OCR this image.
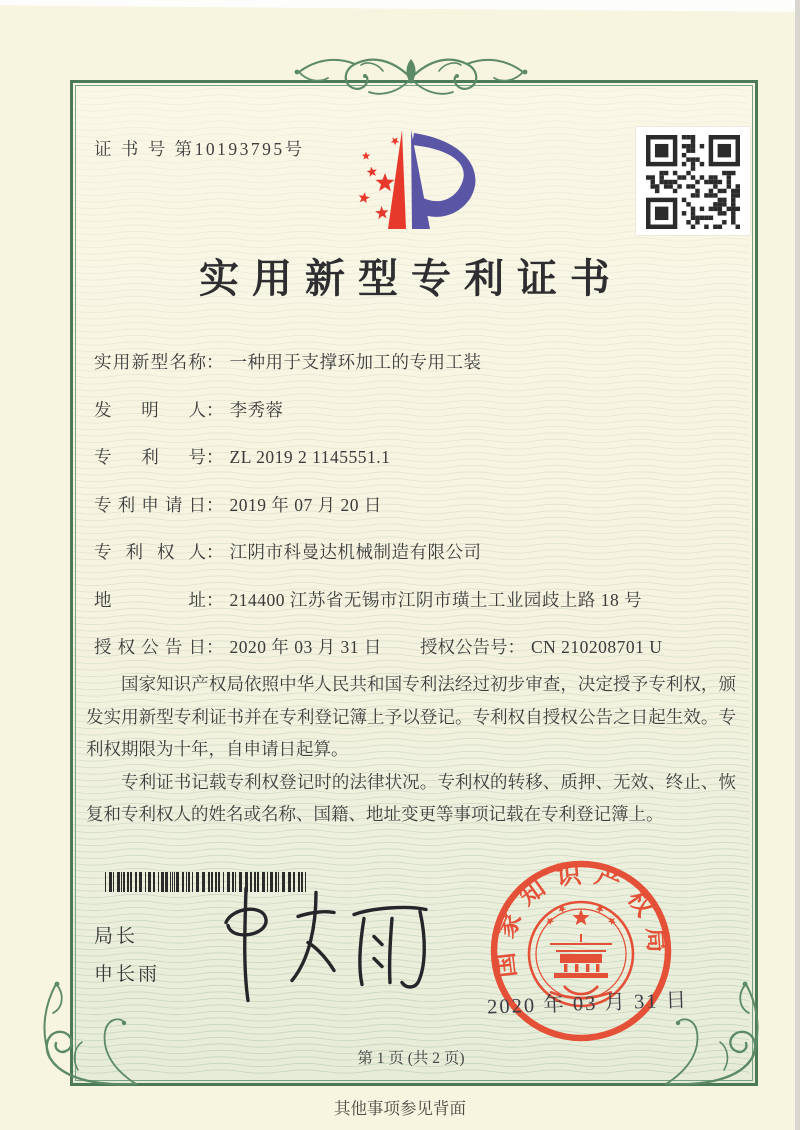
证 书 号 第10193795号
实用新型专利证书
实用新型名称： 一种用于支撑环加工的专用工装
发明人： 李秀蓉
专利号： ZL 2019 2 1145551.1
专利申请日： 2019 年 07 月 20 日
专利权人： 江阴市科曼达机械制造有限公司
地址： 214400 江苏省无锡市江阴市璜土工业园歧上路 18 号
授权公告日： 2020 年 03 月 31 日 授权公告号： CN 210208701 U

国家知识产权局依照中华人民共和国专利法经过初步审查，决定授予专利权，颁发实用新型专利证书并在专利登记簿上予以登记。专利权自授权公告之日起生效。专利权期限为十年，自申请日起算。

专利证书记载专利权登记时的法律状况。专利权的转移、质押、无效、终止、恢复和专利权人的姓名或名称、国籍、地址变更等事项记载在专利登记簿上。

局长
申长雨	国家知识产权局
2020 年 03 月 31 日
第 1 页 (共 2 页)
其他事项参见背面
